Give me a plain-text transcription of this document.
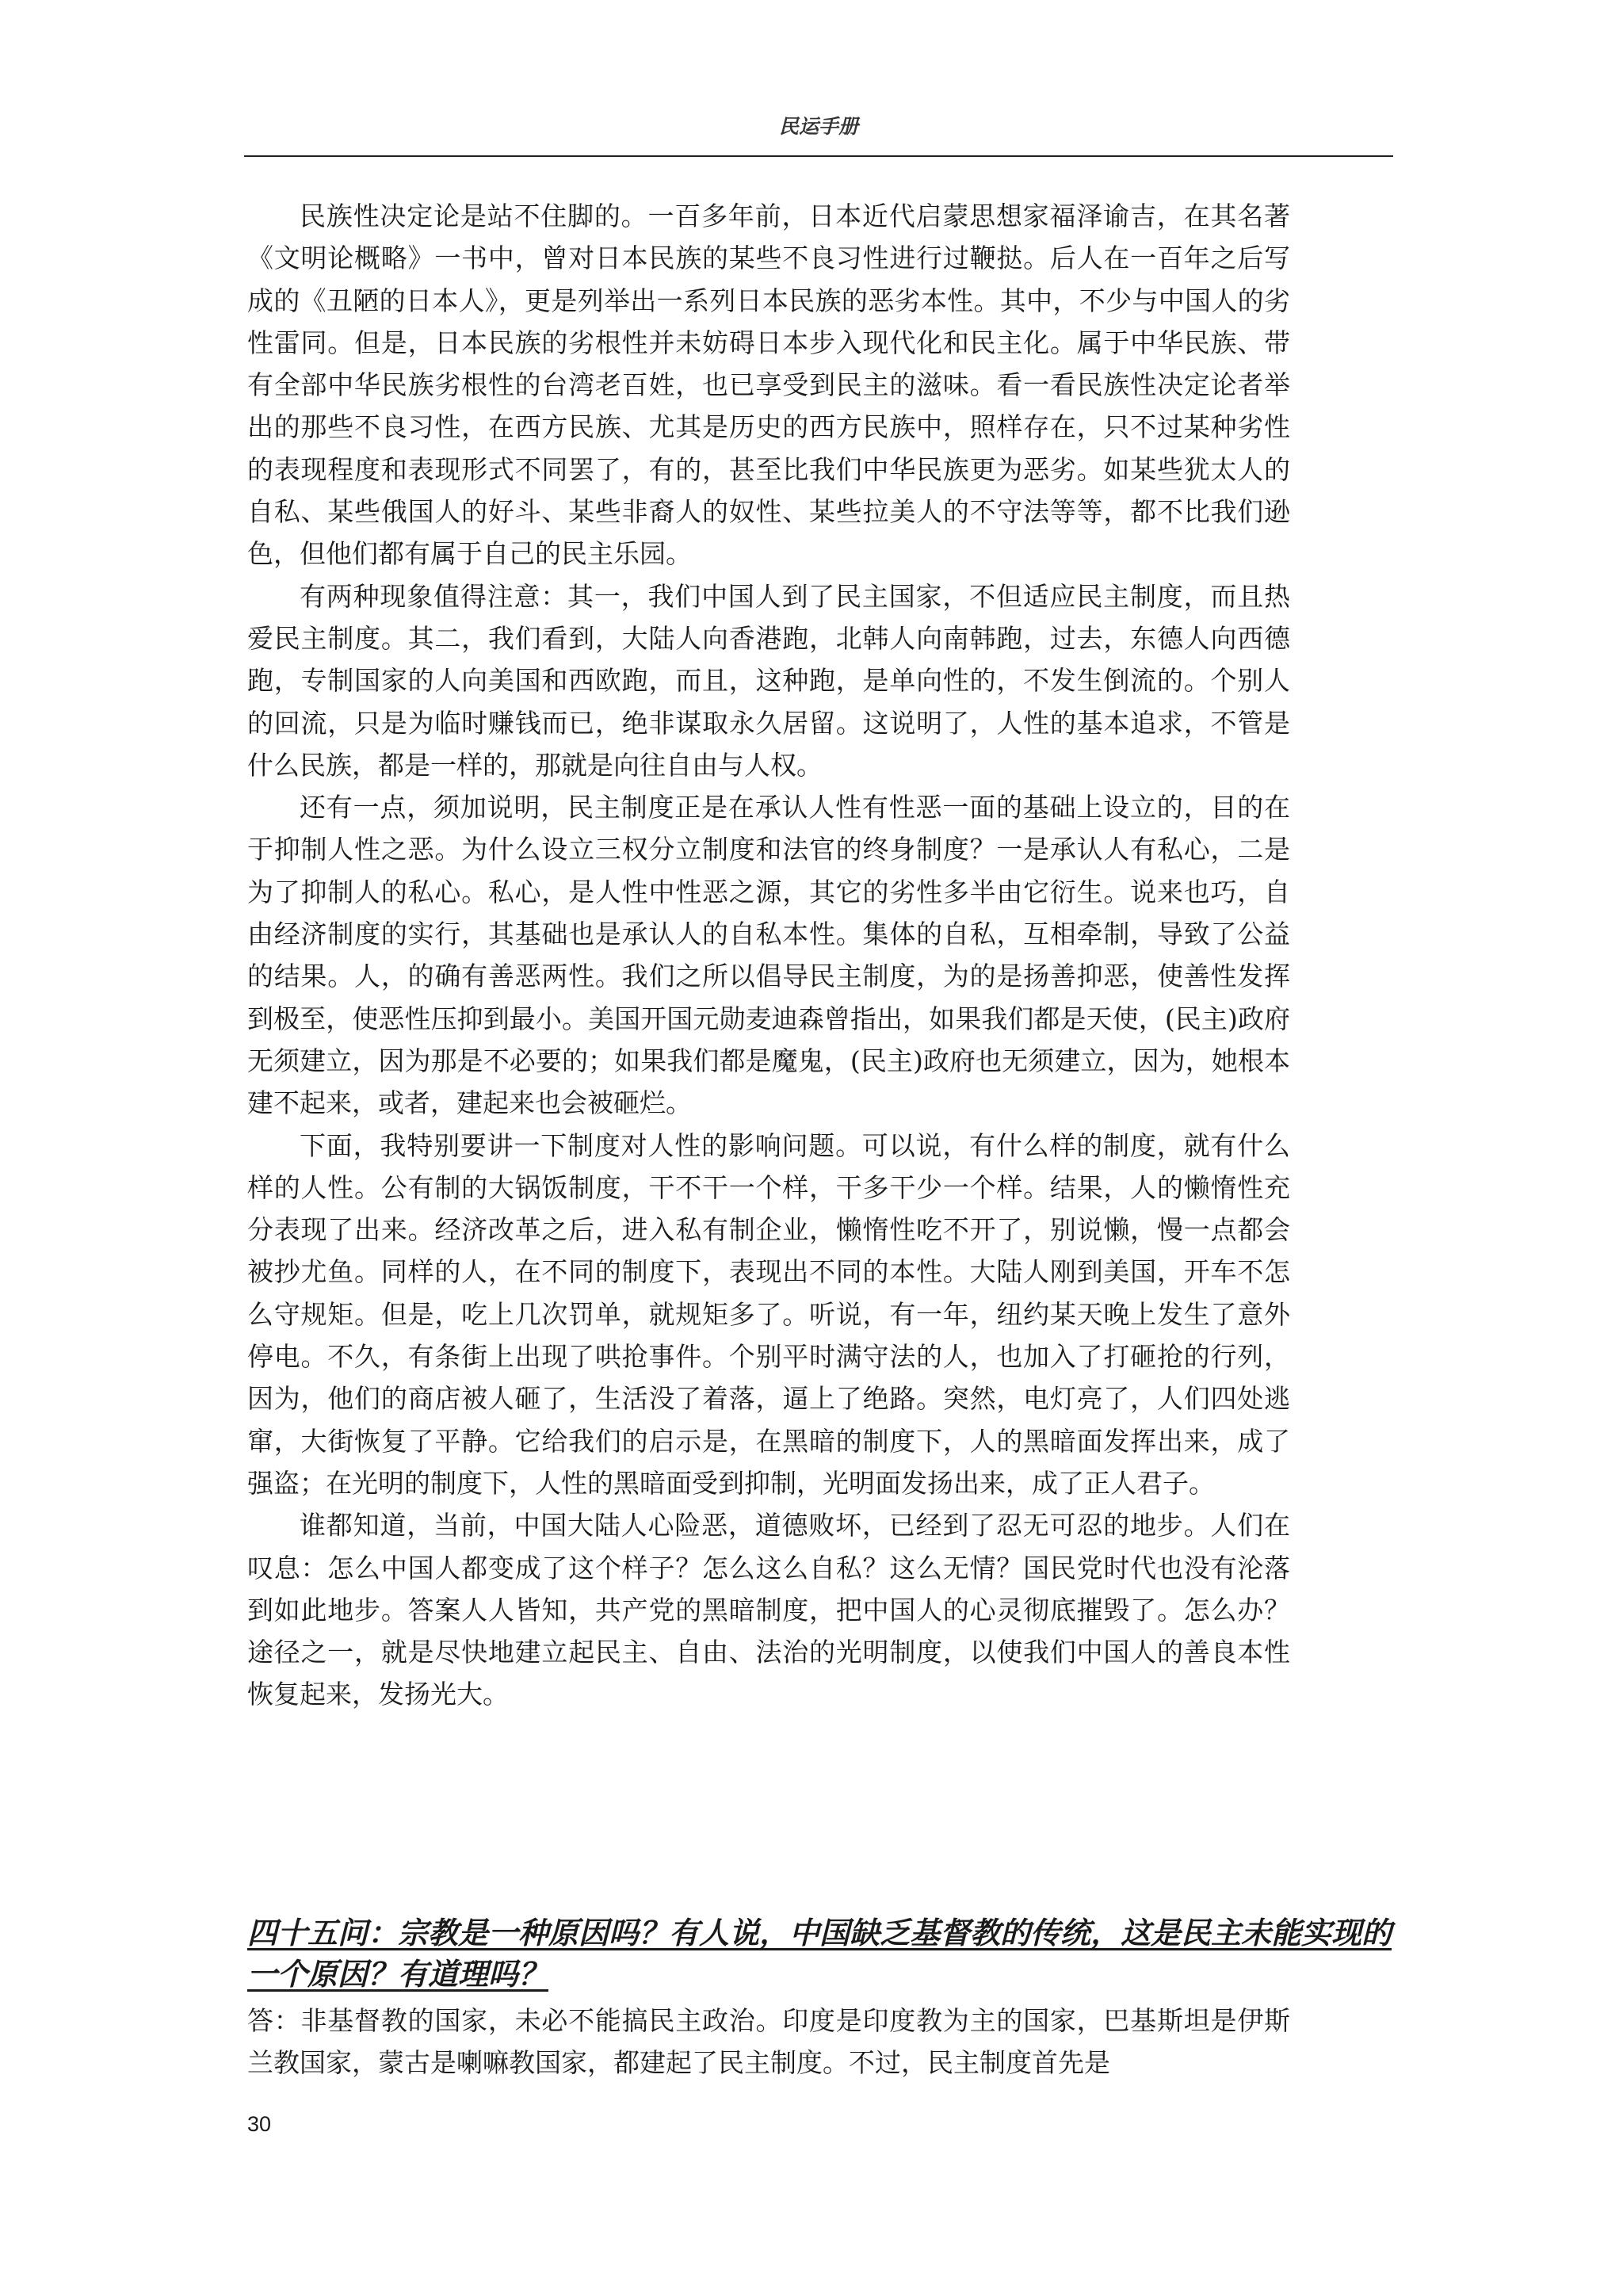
民运手册

民族性决定论是站不住脚的。一百多年前，日本近代启蒙思想家福泽谕吉，在其名著《文明论概略》一书中，曾对日本民族的某些不良习性进行过鞭挞。后人在一百年之后写成的《丑陋的日本人》，更是列举出一系列日本民族的恶劣本性。其中，不少与中国人的劣性雷同。但是，日本民族的劣根性并未妨碍日本步入现代化和民主化。属于中华民族、带有全部中华民族劣根性的台湾老百姓，也已享受到民主的滋味。看一看民族性决定论者举出的那些不良习性，在西方民族、尤其是历史的西方民族中，照样存在，只不过某种劣性的表现程度和表现形式不同罢了，有的，甚至比我们中华民族更为恶劣。如某些犹太人的自私、某些俄国人的好斗、某些非裔人的奴性、某些拉美人的不守法等等，都不比我们逊色，但他们都有属于自己的民主乐园。

有两种现象值得注意：其一，我们中国人到了民主国家，不但适应民主制度，而且热爱民主制度。其二，我们看到，大陆人向香港跑，北韩人向南韩跑，过去，东德人向西德跑，专制国家的人向美国和西欧跑，而且，这种跑，是单向性的，不发生倒流的。个别人的回流，只是为临时赚钱而已，绝非谋取永久居留。这说明了，人性的基本追求，不管是什么民族，都是一样的，那就是向往自由与人权。

还有一点，须加说明，民主制度正是在承认人性有性恶一面的基础上设立的，目的在于抑制人性之恶。为什么设立三权分立制度和法官的终身制度？一是承认人有私心，二是为了抑制人的私心。私心，是人性中性恶之源，其它的劣性多半由它衍生。说来也巧，自由经济制度的实行，其基础也是承认人的自私本性。集体的自私，互相牵制，导致了公益的结果。人，的确有善恶两性。我们之所以倡导民主制度，为的是扬善抑恶，使善性发挥到极至，使恶性压抑到最小。美国开国元勋麦迪森曾指出，如果我们都是天使，(民主)政府无须建立，因为那是不必要的；如果我们都是魔鬼，(民主)政府也无须建立，因为，她根本建不起来，或者，建起来也会被砸烂。

下面，我特别要讲一下制度对人性的影响问题。可以说，有什么样的制度，就有什么样的人性。公有制的大锅饭制度，干不干一个样，干多干少一个样。结果，人的懒惰性充分表现了出来。经济改革之后，进入私有制企业，懒惰性吃不开了，别说懒，慢一点都会被抄尤鱼。同样的人，在不同的制度下，表现出不同的本性。大陆人刚到美国，开车不怎么守规矩。但是，吃上几次罚单，就规矩多了。听说，有一年，纽约某天晚上发生了意外停电。不久，有条街上出现了哄抢事件。个别平时满守法的人，也加入了打砸抢的行列，因为，他们的商店被人砸了，生活没了着落，逼上了绝路。突然，电灯亮了，人们四处逃窜，大街恢复了平静。它给我们的启示是，在黑暗的制度下，人的黑暗面发挥出来，成了强盗；在光明的制度下，人性的黑暗面受到抑制，光明面发扬出来，成了正人君子。

谁都知道，当前，中国大陆人心险恶，道德败坏，已经到了忍无可忍的地步。人们在叹息：怎么中国人都变成了这个样子？怎么这么自私？这么无情？国民党时代也没有沦落到如此地步。答案人人皆知，共产党的黑暗制度，把中国人的心灵彻底摧毁了。怎么办？途径之一，就是尽快地建立起民主、自由、法治的光明制度，以使我们中国人的善良本性恢复起来，发扬光大。

四十五问：宗教是一种原因吗？有人说，中国缺乏基督教的传统，这是民主未能实现的一个原因？有道理吗？

答：非基督教的国家，未必不能搞民主政治。印度是印度教为主的国家，巴基斯坦是伊斯兰教国家，蒙古是喇嘛教国家，都建起了民主制度。不过，民主制度首先是

30
